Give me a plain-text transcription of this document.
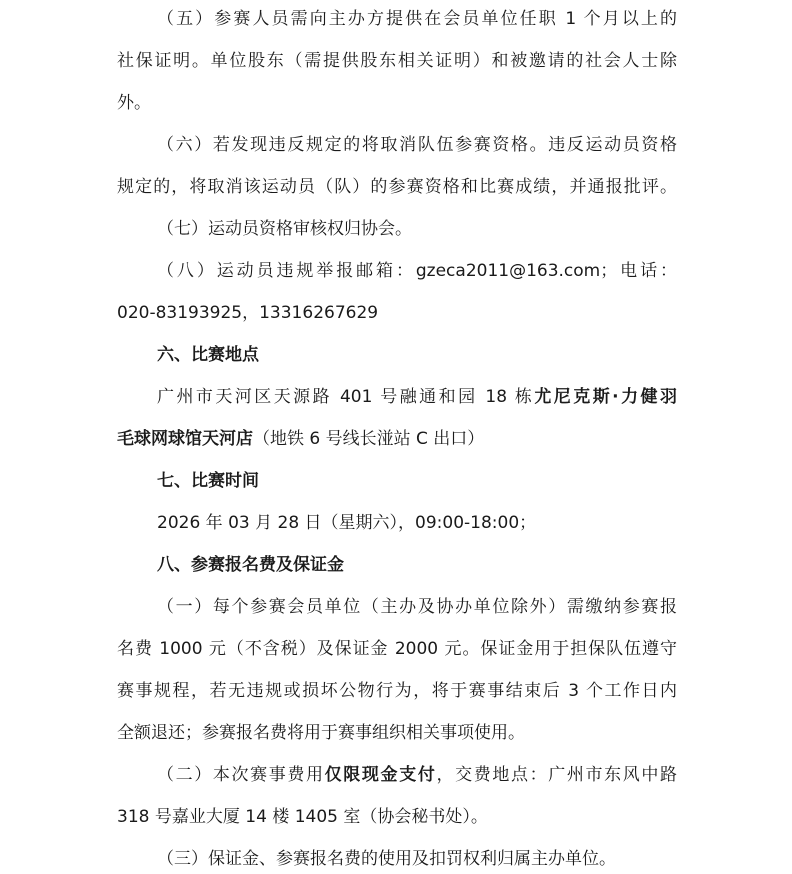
（五）参赛人员需向主办方提供在会员单位任职 1 个月以上的
社保证明。单位股东（需提供股东相关证明）和被邀请的社会人士除
外。
（六）若发现违反规定的将取消队伍参赛资格。违反运动员资格
规定的，将取消该运动员（队）的参赛资格和比赛成绩，并通报批评。
（七）运动员资格审核权归协会。
（八）运动员违规举报邮箱：gzeca2011@163.com；电话：
020-83193925，13316267629
六、比赛地点
广州市天河区天源路 401 号融通和园 18 栋尤尼克斯·力健羽
毛球网球馆天河店（地铁 6 号线长湴站 C 出口）
七、比赛时间
2026 年 03 月 28 日（星期六），09:00-18:00；
八、参赛报名费及保证金
（一）每个参赛会员单位（主办及协办单位除外）需缴纳参赛报
名费 1000 元（不含税）及保证金 2000 元。保证金用于担保队伍遵守
赛事规程，若无违规或损坏公物行为，将于赛事结束后 3 个工作日内
全额退还；参赛报名费将用于赛事组织相关事项使用。
（二）本次赛事费用仅限现金支付，交费地点：广州市东风中路
318 号嘉业大厦 14 楼 1405 室（协会秘书处）。
（三）保证金、参赛报名费的使用及扣罚权利归属主办单位。
